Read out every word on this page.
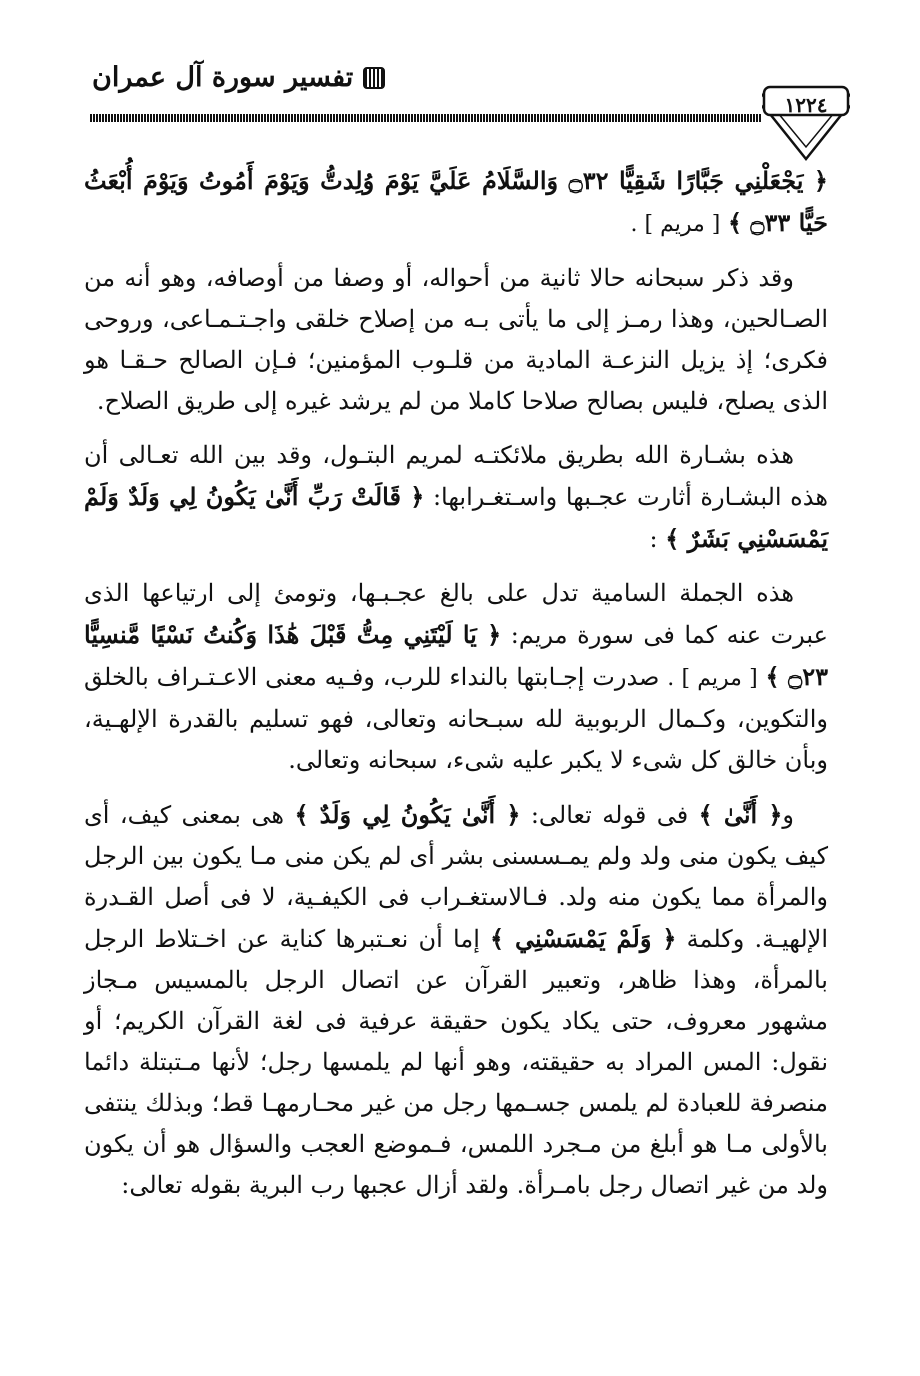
تفسير سورة آل عمران
١٢٢٤

﴿ يَجْعَلْنِي جَبَّارًا شَقِيًّا ۝٣٢ وَالسَّلَامُ عَلَيَّ يَوْمَ وُلِدتُّ وَيَوْمَ أَمُوتُ وَيَوْمَ أُبْعَثُ حَيًّا ۝٣٣ ﴾ [ مريم ] .

وقد ذكر سبحانه حالا ثانية من أحواله، أو وصفا من أوصافه، وهو أنه من الصـالحين، وهذا رمـز إلى ما يأتى بـه من إصلاح خلقى واجـتـمـاعى، وروحى فكرى؛ إذ يزيل النزعـة المادية من قلـوب المؤمنين؛ فـإن الصالح حـقـا هو الذى يصلح، فليس بصالح صلاحا كاملا من لم يرشد غيره إلى طريق الصلاح.

هذه بشـارة الله بطريق ملائكتـه لمريم البتـول، وقد بين الله تعـالى أن هذه البشـارة أثارت عجـبها واسـتغـرابها: ﴿ قَالَتْ رَبِّ أَنَّىٰ يَكُونُ لِي وَلَدٌ وَلَمْ يَمْسَسْنِي بَشَرٌ ﴾ :

هذه الجملة السامية تدل على بالغ عجـبـها، وتومئ إلى ارتياعها الذى عبرت عنه كما فى سورة مريم: ﴿ يَا لَيْتَنِي مِتُّ قَبْلَ هَٰذَا وَكُنتُ نَسْيًا مَّنسِيًّا ۝٢٣ ﴾ [ مريم ] . صدرت إجـابتها بالنداء للرب، وفـيه معنى الاعـتـراف بالخلق والتكوين، وكـمال الربوبية لله سبـحانه وتعالى، فهو تسليم بالقدرة الإلهـية، وبأن خالق كل شىء لا يكبر عليه شىء، سبحانه وتعالى.

و﴿ أَنَّىٰ ﴾ فى قوله تعالى: ﴿ أَنَّىٰ يَكُونُ لِي وَلَدٌ ﴾ هى بمعنى كيف، أى كيف يكون منى ولد ولم يمـسسنى بشر أى لم يكن منى مـا يكون بين الرجل والمرأة مما يكون منه ولد. فـالاستغـراب فى الكيفـية، لا فى أصل القـدرة الإلهيـة. وكلمة ﴿ وَلَمْ يَمْسَسْنِي ﴾ إما أن نعـتبرها كناية عن اخـتلاط الرجل بالمرأة، وهذا ظاهر، وتعبير القرآن عن اتصال الرجل بالمسيس مـجاز مشهور معروف، حتى يكاد يكون حقيقة عرفية فى لغة القرآن الكريم؛ أو نقول: المس المراد به حقيقته، وهو أنها لم يلمسها رجل؛ لأنها مـتبتلة دائما منصرفة للعبادة لم يلمس جسـمها رجل من غير محـارمهـا قط؛ وبذلك ينتفى بالأولى مـا هو أبلغ من مـجرد اللمس، فـموضع العجب والسؤال هو أن يكون ولد من غير اتصال رجل بامـرأة. ولقد أزال عجبها رب البرية بقوله تعالى:
